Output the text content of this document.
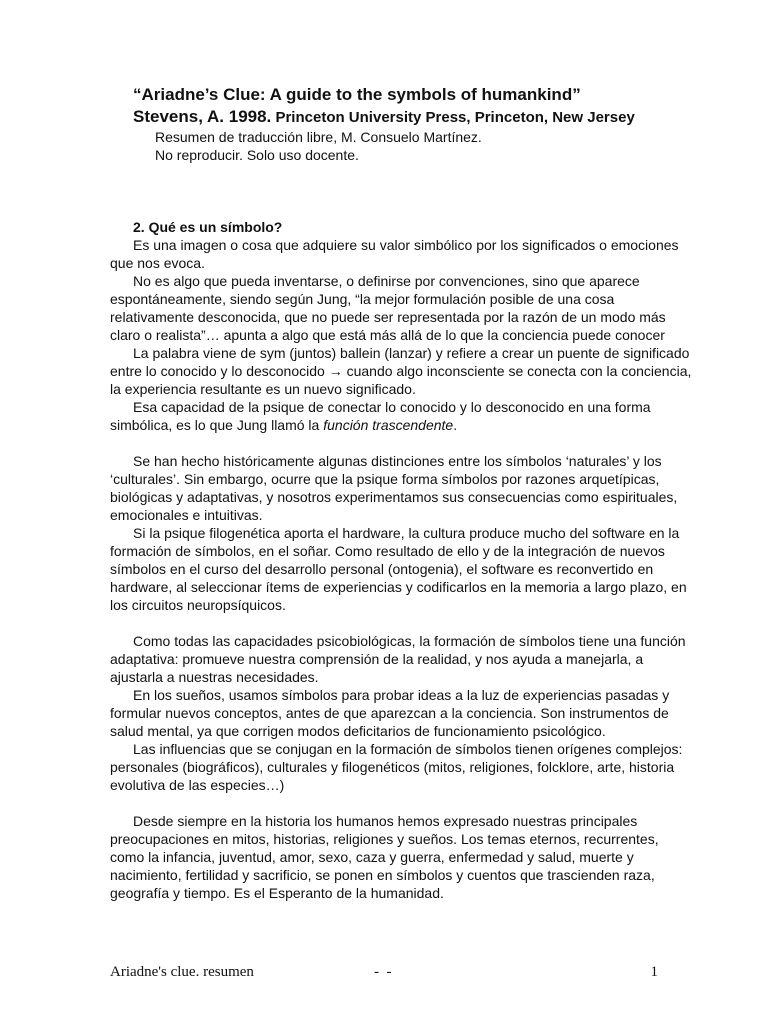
“Ariadne’s Clue: A guide to the symbols of humankind”
Stevens, A. 1998. Princeton University Press, Princeton, New Jersey
Resumen de traducción libre, M. Consuelo Martínez.
No reproducir. Solo uso docente.
2. Qué es un símbolo?
Es una imagen o cosa que adquiere su valor simbólico por los significados o emociones
que nos evoca.
No es algo que pueda inventarse, o definirse por convenciones, sino que aparece
espontáneamente, siendo según Jung, “la mejor formulación posible de una cosa
relativamente desconocida, que no puede ser representada por la razón de un modo más
claro o realista”… apunta a algo que está más allá de lo que la conciencia puede conocer
La palabra viene de sym (juntos) ballein (lanzar) y refiere a crear un puente de significado
entre lo conocido y lo desconocido → cuando algo inconsciente se conecta con la conciencia,
la experiencia resultante es un nuevo significado.
Esa capacidad de la psique de conectar lo conocido y lo desconocido en una forma
simbólica, es lo que Jung llamó la función trascendente.
Se han hecho históricamente algunas distinciones entre los símbolos ‘naturales’ y los
‘culturales’. Sin embargo, ocurre que la psique forma símbolos por razones arquetípicas,
biológicas y adaptativas, y nosotros experimentamos sus consecuencias como espirituales,
emocionales e intuitivas.
Si la psique filogenética aporta el hardware, la cultura produce mucho del software en la
formación de símbolos, en el soñar. Como resultado de ello y de la integración de nuevos
símbolos en el curso del desarrollo personal (ontogenia), el software es reconvertido en
hardware, al seleccionar ítems de experiencias y codificarlos en la memoria a largo plazo, en
los circuitos neuropsíquicos.
Como todas las capacidades psicobiológicas, la formación de símbolos tiene una función
adaptativa: promueve nuestra comprensión de la realidad, y nos ayuda a manejarla, a
ajustarla a nuestras necesidades.
En los sueños, usamos símbolos para probar ideas a la luz de experiencias pasadas y
formular nuevos conceptos, antes de que aparezcan a la conciencia. Son instrumentos de
salud mental, ya que corrigen modos deficitarios de funcionamiento psicológico.
Las influencias que se conjugan en la formación de símbolos tienen orígenes complejos:
personales (biográficos), culturales y filogenéticos (mitos, religiones, folcklore, arte, historia
evolutiva de las especies…)
Desde siempre en la historia los humanos hemos expresado nuestras principales
preocupaciones en mitos, historias, religiones y sueños. Los temas eternos, recurrentes,
como la infancia, juventud, amor, sexo, caza y guerra, enfermedad y salud, muerte y
nacimiento, fertilidad y sacrificio, se ponen en símbolos y cuentos que trascienden raza,
geografía y tiempo. Es el Esperanto de la humanidad.
Ariadne's clue. resumen	-  -	1
